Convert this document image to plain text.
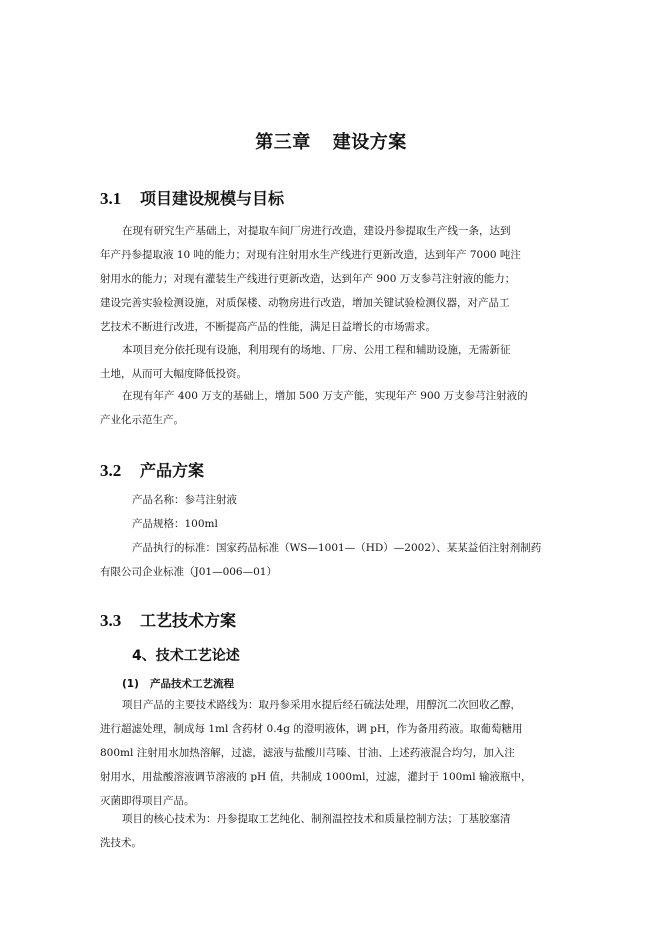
第三章 建设方案
3.1 项目建设规模与目标
在现有研究生产基础上，对提取车间厂房进行改造，建设丹参提取生产线一条，达到
年产丹参提取液 10 吨的能力；对现有注射用水生产线进行更新改造，达到年产 7000 吨注
射用水的能力；对现有灌装生产线进行更新改造，达到年产 900 万支参芎注射液的能力；
建设完善实验检测设施，对质保楼、动物房进行改造，增加关键试验检测仪器，对产品工
艺技术不断进行改进，不断提高产品的性能，满足日益增长的市场需求。
本项目充分依托现有设施，利用现有的场地、厂房、公用工程和辅助设施，无需新征
土地，从而可大幅度降低投资。
在现有年产 400 万支的基础上，增加 500 万支产能，实现年产 900 万支参芎注射液的
产业化示范生产。
3.2 产品方案
产品名称：参芎注射液
产品规格：100ml
产品执行的标准：国家药品标准（WS—1001—（HD）—2002）、某某益佰注射剂制药
有限公司企业标准（J01—006—01）
3.3 工艺技术方案
4、技术工艺论述
(1) 产品技术工艺流程
项目产品的主要技术路线为：取丹参采用水提后经石硫法处理，用醇沉二次回收乙醇，
进行超滤处理，制成每 1ml 含药材 0.4g 的澄明液体，调 pH，作为备用药液。取葡萄糖用
800ml 注射用水加热溶解，过滤，滤液与盐酸川芎嗪、甘油、上述药液混合均匀，加入注
射用水，用盐酸溶液调节溶液的 pH 值，共制成 1000ml，过滤，灌封于 100ml 输液瓶中，
灭菌即得项目产品。
项目的核心技术为：丹参提取工艺纯化、制剂温控技术和质量控制方法；丁基胶塞清
洗技术。
